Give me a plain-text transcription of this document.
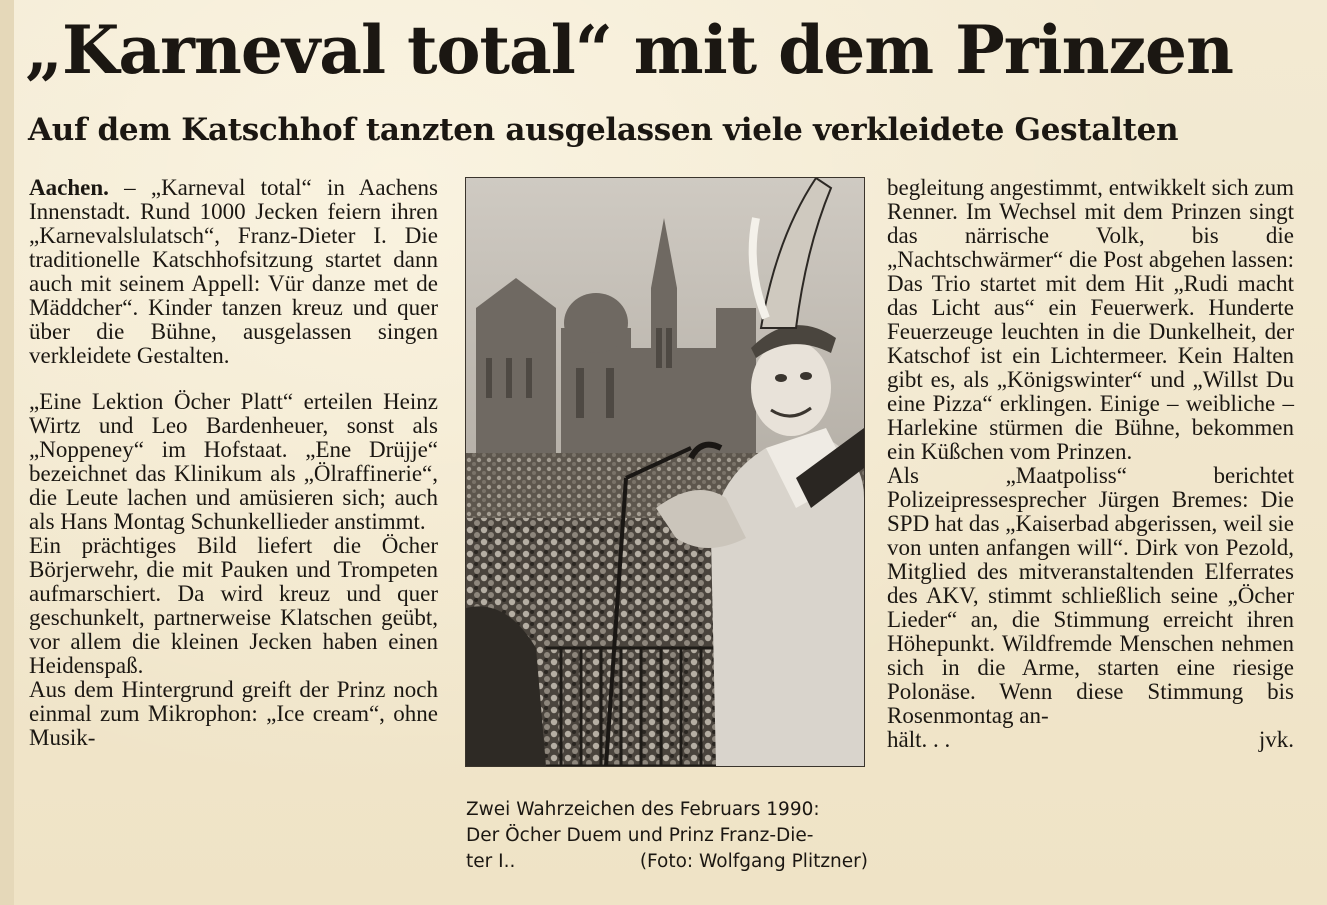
„Karneval total“ mit dem Prinzen
Auf dem Katschhof tanzten ausgelassen viele verkleidete Gestalten

Aachen. – „Karneval total“ in Aachens Innenstadt. Rund 1000 Jecken feiern ihren „Karnevalslulatsch“, Franz-Dieter I. Die traditionelle Katschhofsitzung startet dann auch mit seinem Appell: Vür danze met de Mäddcher“. Kinder tanzen kreuz und quer über die Bühne, ausgelassen singen verkleidete Gestalten.

„Eine Lektion Öcher Platt“ erteilen Heinz Wirtz und Leo Bardenheuer, sonst als „Noppeney“ im Hofstaat. „Ene Drüjje“ bezeichnet das Klinikum als „Ölraffinerie“, die Leute lachen und amüsieren sich; auch als Hans Montag Schunkellieder anstimmt.

Ein prächtiges Bild liefert die Öcher Börjerwehr, die mit Pauken und Trompeten aufmarschiert. Da wird kreuz und quer geschunkelt, partnerweise Klatschen geübt, vor allem die kleinen Jecken haben einen Heidenspaß.

Aus dem Hintergrund greift der Prinz noch einmal zum Mikrophon: „Ice cream“, ohne Musik-

Zwei Wahrzeichen des Februars 1990:

Der Öcher Duem und Prinz Franz-Die-

ter I..	(Foto: Wolfgang Plitzner)

begleitung angestimmt, entwikkelt sich zum Renner. Im Wechsel mit dem Prinzen singt das närrische Volk, bis die „Nachtschwärmer“ die Post abgehen lassen: Das Trio startet mit dem Hit „Rudi macht das Licht aus“ ein Feuerwerk. Hunderte Feuerzeuge leuchten in die Dunkelheit, der Katschof ist ein Lichtermeer. Kein Halten gibt es, als „Königswinter“ und „Willst Du eine Pizza“ erklingen. Einige – weibliche – Harlekine stürmen die Bühne, bekommen ein Küßchen vom Prinzen.

Als „Maatpoliss“ berichtet Polizeipressesprecher Jürgen Bremes: Die SPD hat das „Kaiserbad abgerissen, weil sie von unten anfangen will“. Dirk von Pezold, Mitglied des mitveranstaltenden Elferrates des AKV, stimmt schließlich seine „Öcher Lieder“ an, die Stimmung erreicht ihren Höhepunkt. Wildfremde Menschen nehmen sich in die Arme, starten eine riesige Polonäse. Wenn diese Stimmung bis Rosenmontag an-

hält. . .	jvk.
